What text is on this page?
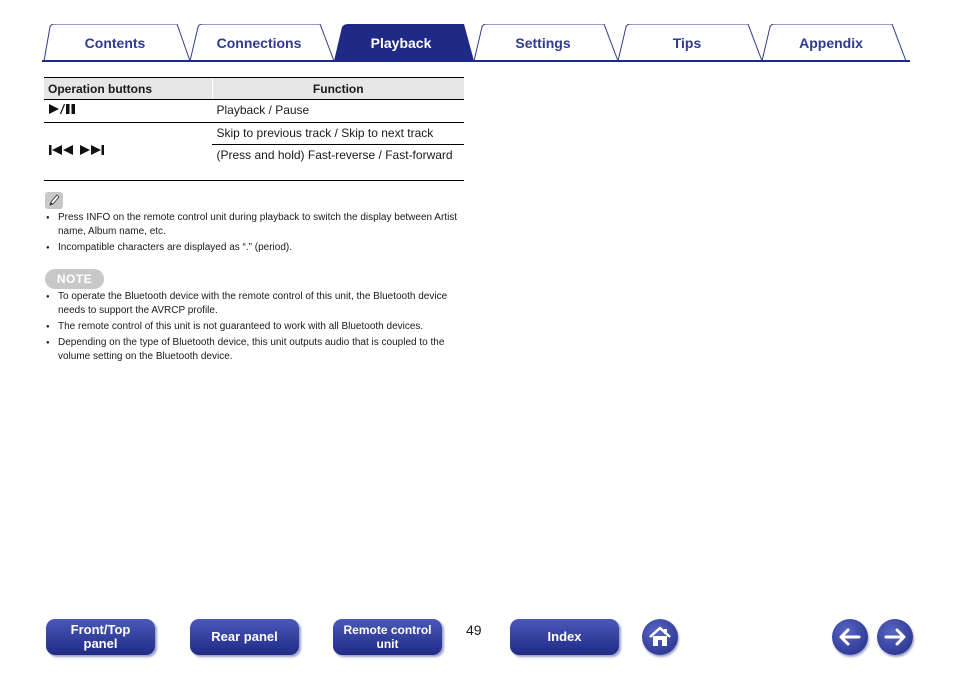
Contents	Connections	Playback	Settings	Tips	Appendix
Operation buttons	Function
	Playback / Pause
	Skip to previous track / Skip to next track
	(Press and hold) Fast-reverse / Fast-forward
● Press INFO on the remote control unit during playback to switch the display between Artist name, Album name, etc.
● Incompatible characters are displayed as “.” (period).
NOTE
● To operate the Bluetooth device with the remote control of this unit, the Bluetooth device needs to support the AVRCP profile.
● The remote control of this unit is not guaranteed to work with all Bluetooth devices.
● Depending on the type of Bluetooth device, this unit outputs audio that is coupled to the volume setting on the Bluetooth device.
Front/Top panel	Rear panel	Remote control unit
49	Index
